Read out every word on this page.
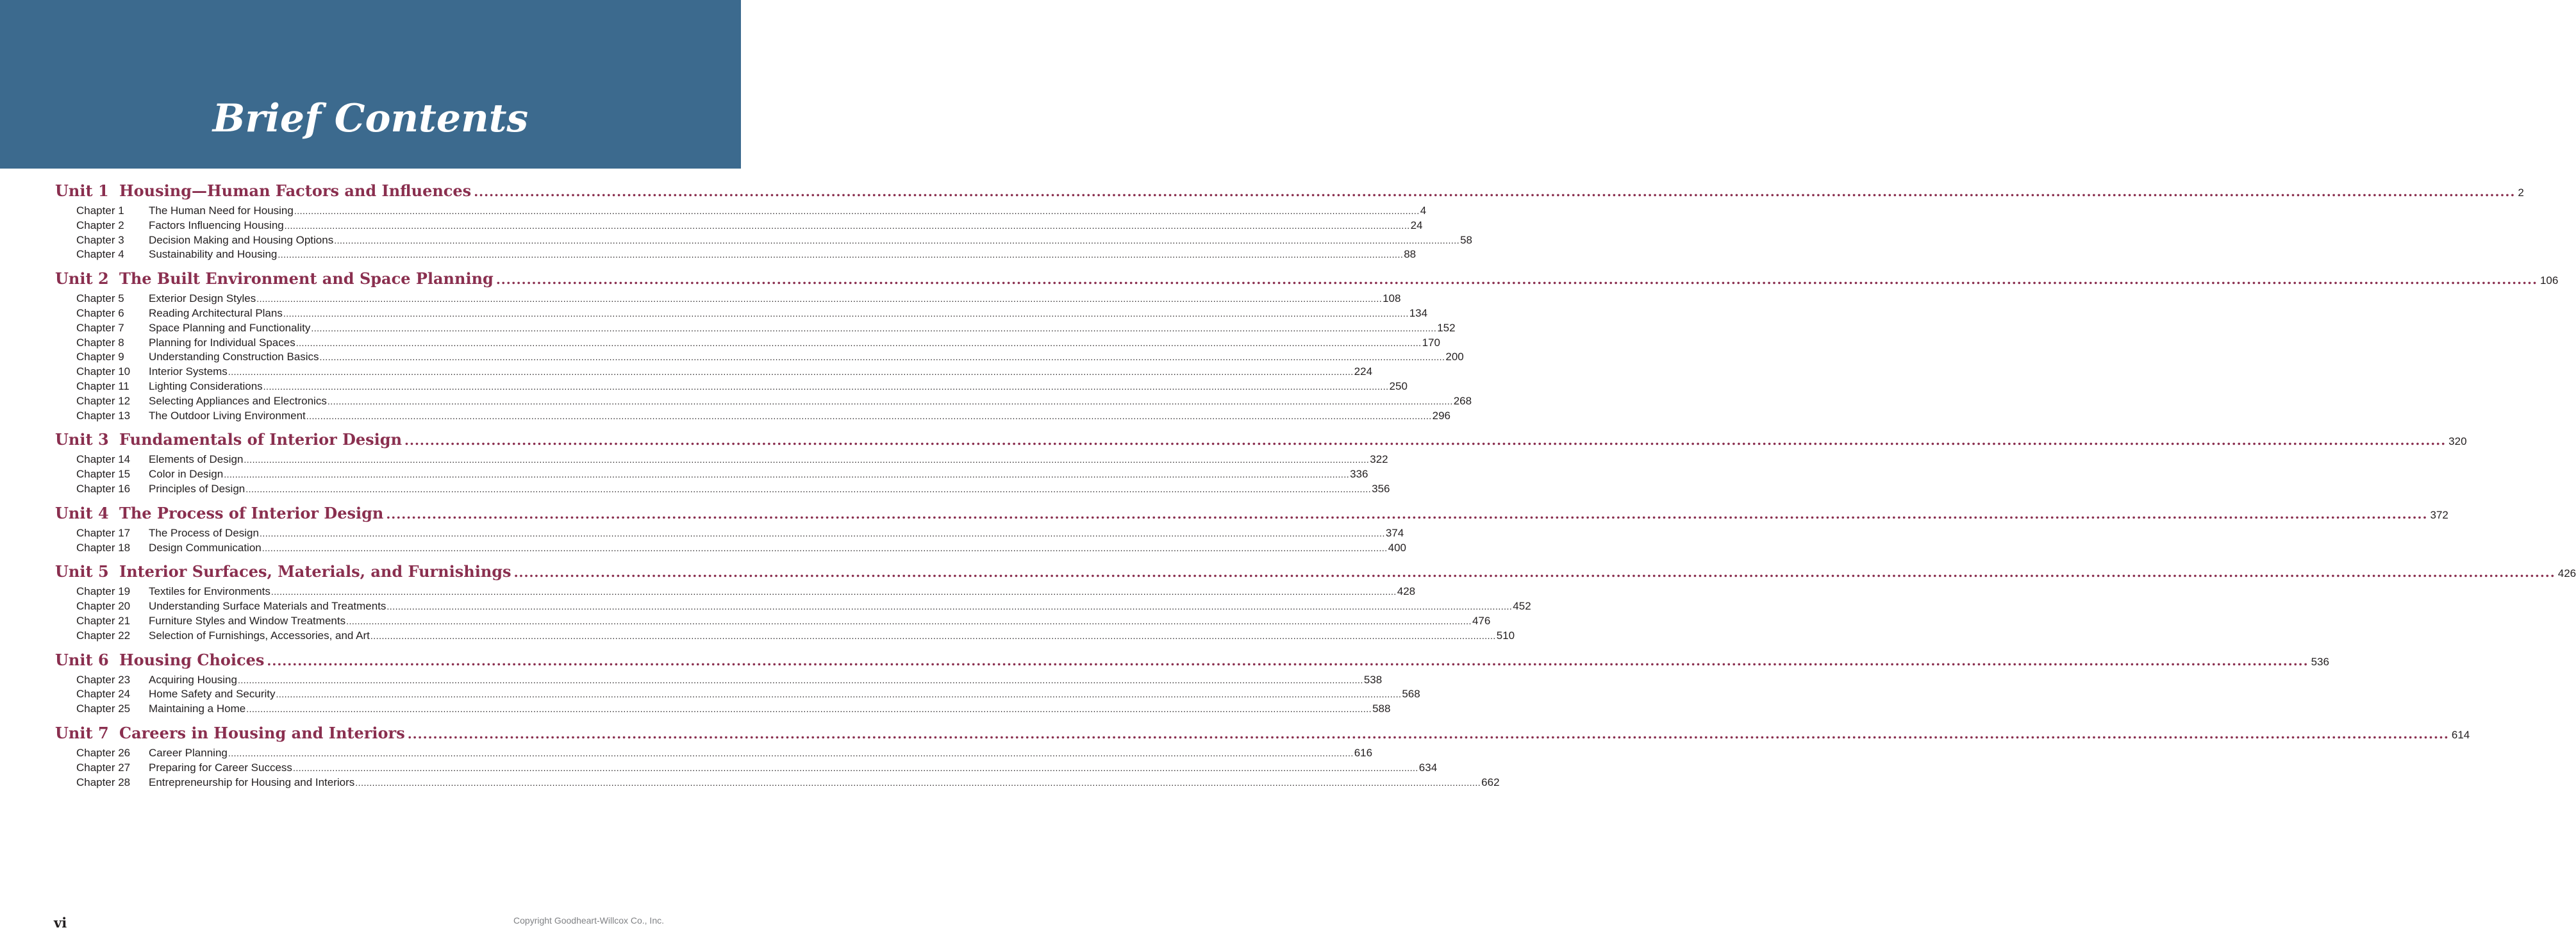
Brief Contents
Unit 1 Housing—Human Factors and Influences ................................................................................................................................................................................................................................................................................................................................................................................................................ 2
Chapter 1	The Human Need for Housing ................................................................................................................................................................................................................................................................................................................................................................................................................ 4
Chapter 2	Factors Influencing Housing ................................................................................................................................................................................................................................................................................................................................................................................................................ 24
Chapter 3	Decision Making and Housing Options ................................................................................................................................................................................................................................................................................................................................................................................................................ 58
Chapter 4	Sustainability and Housing ................................................................................................................................................................................................................................................................................................................................................................................................................ 88
Unit 2 The Built Environment and Space Planning ................................................................................................................................................................................................................................................................................................................................................................................................................ 106
Chapter 5	Exterior Design Styles ................................................................................................................................................................................................................................................................................................................................................................................................................ 108
Chapter 6	Reading Architectural Plans ................................................................................................................................................................................................................................................................................................................................................................................................................ 134
Chapter 7	Space Planning and Functionality ................................................................................................................................................................................................................................................................................................................................................................................................................ 152
Chapter 8	Planning for Individual Spaces ................................................................................................................................................................................................................................................................................................................................................................................................................ 170
Chapter 9	Understanding Construction Basics ................................................................................................................................................................................................................................................................................................................................................................................................................ 200
Chapter 10	Interior Systems ................................................................................................................................................................................................................................................................................................................................................................................................................ 224
Chapter 11	Lighting Considerations ................................................................................................................................................................................................................................................................................................................................................................................................................ 250
Chapter 12	Selecting Appliances and Electronics ................................................................................................................................................................................................................................................................................................................................................................................................................ 268
Chapter 13	The Outdoor Living Environment ................................................................................................................................................................................................................................................................................................................................................................................................................ 296
Unit 3 Fundamentals of Interior Design ................................................................................................................................................................................................................................................................................................................................................................................................................ 320
Chapter 14	Elements of Design ................................................................................................................................................................................................................................................................................................................................................................................................................ 322
Chapter 15	Color in Design ................................................................................................................................................................................................................................................................................................................................................................................................................ 336
Chapter 16	Principles of Design ................................................................................................................................................................................................................................................................................................................................................................................................................ 356
Unit 4 The Process of Interior Design ................................................................................................................................................................................................................................................................................................................................................................................................................ 372
Chapter 17	The Process of Design ................................................................................................................................................................................................................................................................................................................................................................................................................ 374
Chapter 18	Design Communication ................................................................................................................................................................................................................................................................................................................................................................................................................ 400
Unit 5 Interior Surfaces, Materials, and Furnishings ................................................................................................................................................................................................................................................................................................................................................................................................................ 426
Chapter 19	Textiles for Environments ................................................................................................................................................................................................................................................................................................................................................................................................................ 428
Chapter 20	Understanding Surface Materials and Treatments ................................................................................................................................................................................................................................................................................................................................................................................................................ 452
Chapter 21	Furniture Styles and Window Treatments ................................................................................................................................................................................................................................................................................................................................................................................................................ 476
Chapter 22	Selection of Furnishings, Accessories, and Art ................................................................................................................................................................................................................................................................................................................................................................................................................ 510
Unit 6 Housing Choices ................................................................................................................................................................................................................................................................................................................................................................................................................ 536
Chapter 23	Acquiring Housing ................................................................................................................................................................................................................................................................................................................................................................................................................ 538
Chapter 24	Home Safety and Security ................................................................................................................................................................................................................................................................................................................................................................................................................ 568
Chapter 25	Maintaining a Home ................................................................................................................................................................................................................................................................................................................................................................................................................ 588
Unit 7 Careers in Housing and Interiors ................................................................................................................................................................................................................................................................................................................................................................................................................ 614
Chapter 26	Career Planning ................................................................................................................................................................................................................................................................................................................................................................................................................ 616
Chapter 27	Preparing for Career Success ................................................................................................................................................................................................................................................................................................................................................................................................................ 634
Chapter 28	Entrepreneurship for Housing and Interiors ................................................................................................................................................................................................................................................................................................................................................................................................................ 662
vi	Copyright Goodheart-Willcox Co., Inc.
